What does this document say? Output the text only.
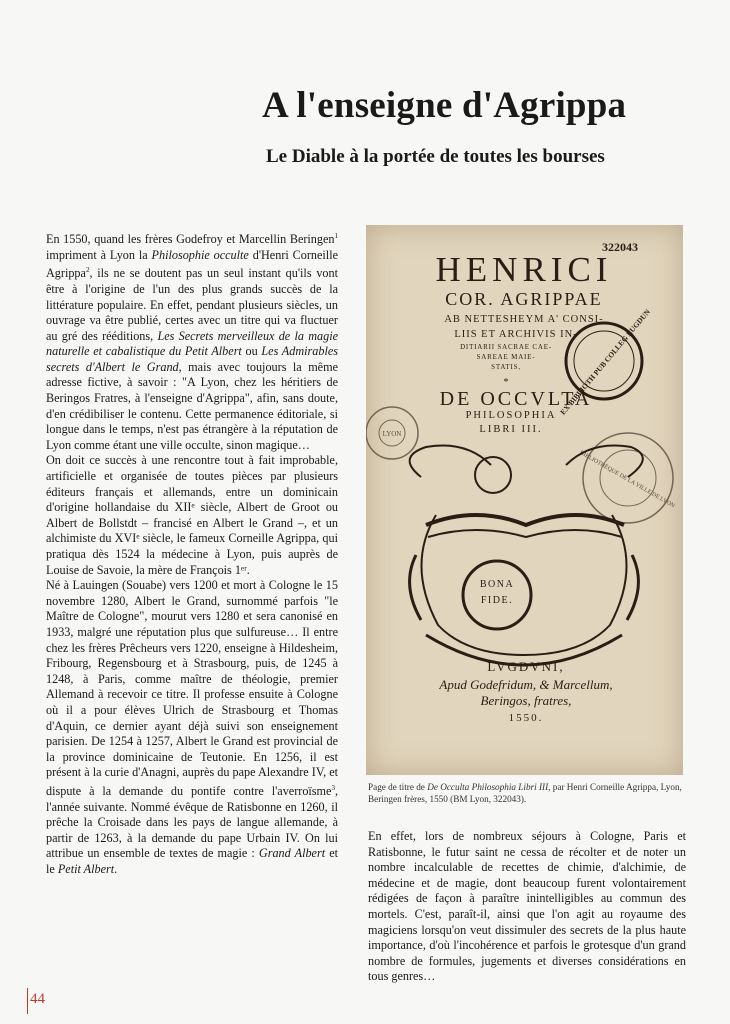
A l'enseigne d'Agrippa
Le Diable à la portée de toutes les bourses

En 1550, quand les frères Godefroy et Marcellin Beringen$^1$ impriment à Lyon la Philosophie occulte d'Henri Corneille Agrippa$^2$, ils ne se doutent pas un seul instant qu'ils vont être à l'origine de l'un des plus grands succès de la littérature populaire. En effet, pendant plusieurs siècles, un ouvrage va être publié, certes avec un titre qui va fluctuer au gré des rééditions, Les Secrets merveilleux de la magie naturelle et cabalistique du Petit Albert ou Les Admirables secrets d'Albert le Grand, mais avec toujours la même adresse fictive, à savoir : "A Lyon, chez les héritiers de Beringos Fratres, à l'enseigne d'Agrippa", afin, sans doute, d'en crédibiliser le contenu. Cette permanence éditoriale, si longue dans le temps, n'est pas étrangère à la réputation de Lyon comme étant une ville occulte, sinon magique…

On doit ce succès à une rencontre tout à fait improbable, artificielle et organisée de toutes pièces par plusieurs éditeurs français et allemands, entre un dominicain d'origine hollandaise du XIIᵉ siècle, Albert de Groot ou Albert de Bollstdt – francisé en Albert le Grand –, et un alchimiste du XVIᵉ siècle, le fameux Corneille Agrippa, qui pratiqua dès 1524 la médecine à Lyon, puis auprès de Louise de Savoie, la mère de François 1ᵉʳ.

Né à Lauingen (Souabe) vers 1200 et mort à Cologne le 15 novembre 1280, Albert le Grand, surnommé parfois "le Maître de Cologne", mourut vers 1280 et sera canonisé en 1933, malgré une réputation plus que sulfureuse… Il entre chez les frères Prêcheurs vers 1220, enseigne à Hildesheim, Fribourg, Regensbourg et à Strasbourg, puis, de 1245 à 1248, à Paris, comme maître de théologie, premier Allemand à recevoir ce titre. Il professe ensuite à Cologne où il a pour élèves Ulrich de Strasbourg et Thomas d'Aquin, ce dernier ayant déjà suivi son enseignement parisien. De 1254 à 1257, Albert le Grand est provincial de la province dominicaine de Teutonie. En 1256, il est présent à la curie d'Anagni, auprès du pape Alexandre IV, et dispute à la demande du pontife contre l'averroïsme$^3$, l'année suivante. Nommé évêque de Ratisbonne en 1260, il prêche la Croisade dans les pays de langue allemande, à partir de 1263, à la demande du pape Urbain IV. On lui attribue un ensemble de textes de magie : Grand Albert et le Petit Albert.

322043
HENRICI
COR. AGRIPPAE
AB NETTESHEYM A' CONSI-
LIIS ET ARCHIVIS IN-
DITIARII SACRAE CAE-
SAREAE MAIE-
STATIS,
*
DE OCCVLTA
PHILOSOPHIA
LIBRI III.
EX BIBLIOTH PUB COLLEG LUGDUN
LYON
BIBLIOTHÈQUE DE LA VILLE DE LYON
BONA
FIDE.
LVGDVNI,
Apud Godefridum, & Marcellum,
Beringos, fratres,
1550.
Page de titre de De Occulta Philosophia Libri III, par Henri Corneille Agrippa, Lyon, Beringen frères, 1550 (BM Lyon, 322043).

En effet, lors de nombreux séjours à Cologne, Paris et Ratisbonne, le futur saint ne cessa de récolter et de noter un nombre incalculable de recettes de chimie, d'alchimie, de médecine et de magie, dont beaucoup furent volontairement rédigées de façon à paraître inintelligibles au commun des mortels. C'est, paraît-il, ainsi que l'on agit au royaume des magiciens lorsqu'on veut dissimuler des secrets de la plus haute importance, d'où l'incohérence et parfois le grotesque d'un grand nombre de formules, jugements et diverses considérations en tous genres…

44
